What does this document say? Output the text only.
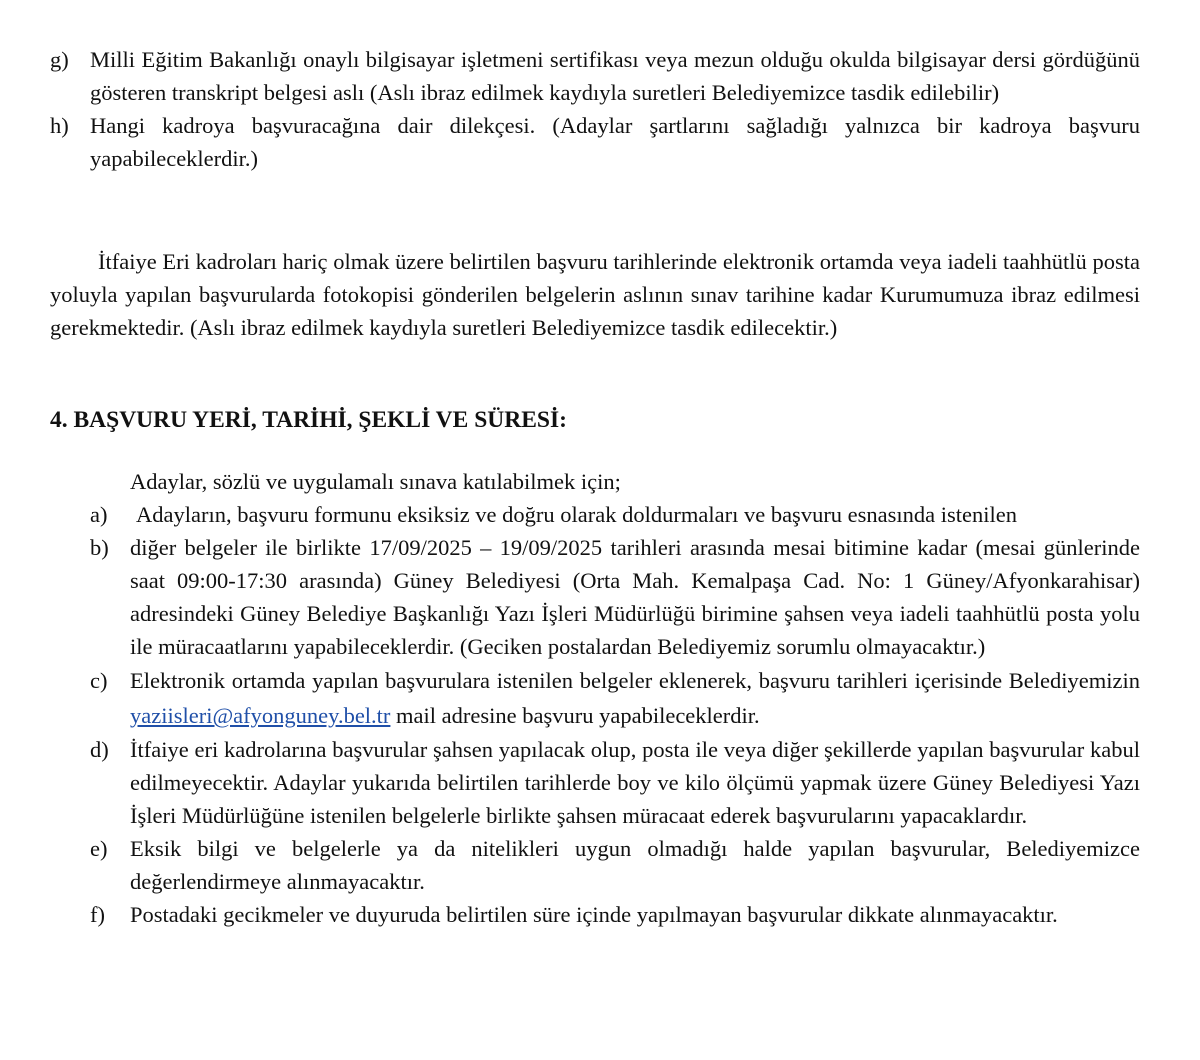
g) Milli Eğitim Bakanlığı onaylı bilgisayar işletmeni sertifikası veya mezun olduğu okulda bilgisayar dersi gördüğünü gösteren transkript belgesi aslı (Aslı ibraz edilmek kaydıyla suretleri Belediyemizce tasdik edilebilir)
h) Hangi kadroya başvuracağına dair dilekçesi. (Adaylar şartlarını sağladığı yalnızca bir kadroya başvuru yapabileceklerdir.)

İtfaiye Eri kadroları hariç olmak üzere belirtilen başvuru tarihlerinde elektronik ortamda veya iadeli taahhütlü posta yoluyla yapılan başvurularda fotokopisi gönderilen belgelerin aslının sınav tarihine kadar Kurumumuza ibraz edilmesi gerekmektedir. (Aslı ibraz edilmek kaydıyla suretleri Belediyemizce tasdik edilecektir.)

4. BAŞVURU YERİ, TARİHİ, ŞEKLİ VE SÜRESİ:
Adaylar, sözlü ve uygulamalı sınava katılabilmek için;
a)	Adayların, başvuru formunu eksiksiz ve doğru olarak doldurmaları ve başvuru esnasında istenilen
b) diğer belgeler ile birlikte 17/09/2025 – 19/09/2025 tarihleri arasında mesai bitimine kadar (mesai günlerinde saat 09:00-17:30 arasında) Güney Belediyesi (Orta Mah. Kemalpaşa Cad. No: 1 Güney/Afyonkarahisar) adresindeki Güney Belediye Başkanlığı Yazı İşleri Müdürlüğü birimine şahsen veya iadeli taahhütlü posta yolu ile müracaatlarını yapabileceklerdir. (Geciken postalardan Belediyemiz sorumlu olmayacaktır.)
c)	Elektronik ortamda yapılan başvurulara istenilen belgeler eklenerek, başvuru tarihleri içerisinde Belediyemizin yaziisleri@afyonguney.bel.tr mail adresine başvuru yapabileceklerdir.
d) İtfaiye eri kadrolarına başvurular şahsen yapılacak olup, posta ile veya diğer şekillerde yapılan başvurular kabul edilmeyecektir. Adaylar yukarıda belirtilen tarihlerde boy ve kilo ölçümü yapmak üzere Güney Belediyesi Yazı İşleri Müdürlüğüne istenilen belgelerle birlikte şahsen müracaat ederek başvurularını yapacaklardır.
e)	Eksik bilgi ve belgelerle ya da nitelikleri uygun olmadığı halde yapılan başvurular, Belediyemizce değerlendirmeye alınmayacaktır.
f)	Postadaki gecikmeler ve duyuruda belirtilen süre içinde yapılmayan başvurular dikkate alınmayacaktır.
